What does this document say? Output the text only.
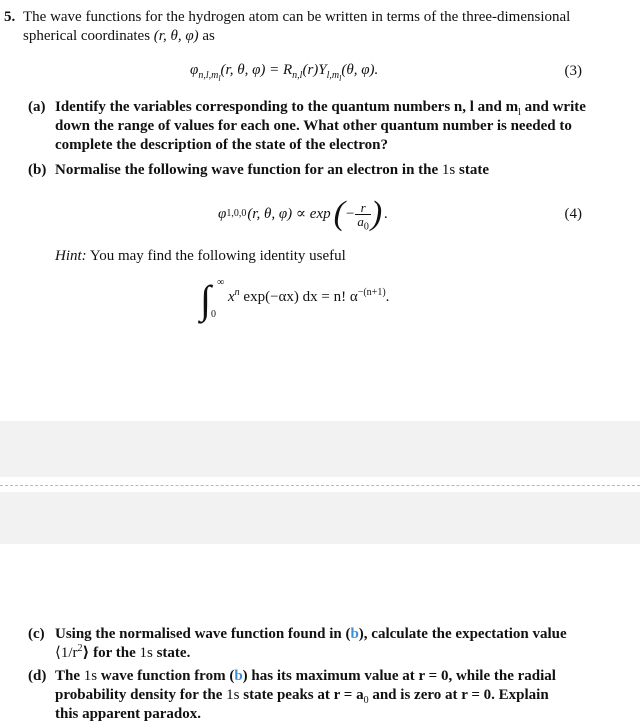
5. The wave functions for the hydrogen atom can be written in terms of the three-dimensional
spherical coordinates (r, θ, φ) as
$\varphi_{n,l,m_l}(r$, θ, $\varphi) = R_{n,l}(r)Y_{l,m_l}(\theta$, φ).	(3)
(a) Identify the variables corresponding to the quantum numbers n, l and $m_l$ and write
down the range of values for each one. What other quantum number is needed to
complete the description of the state of the electron?
(b) Normalise the following wave function for an electron in the 1s state
φ 1,0,0 (r, θ, φ) ∝ exp ( − $\frac{r}{a_0}$ ) .	(4)
Hint: You may find the following identity useful
∫ ∞
0
$x^n$ exp(−αx) dx = n! $\alpha^{-(n+1)}$.
(c) Using the normalised wave function found in (b), calculate the expectation value
$⟨1/r^2⟩$ for the 1s state.
(d) The 1s wave function from (b) has its maximum value at r = 0, while the radial
probability density for the 1s state peaks at $r = a_0$ and is zero at r = 0. Explain
this apparent paradox.
